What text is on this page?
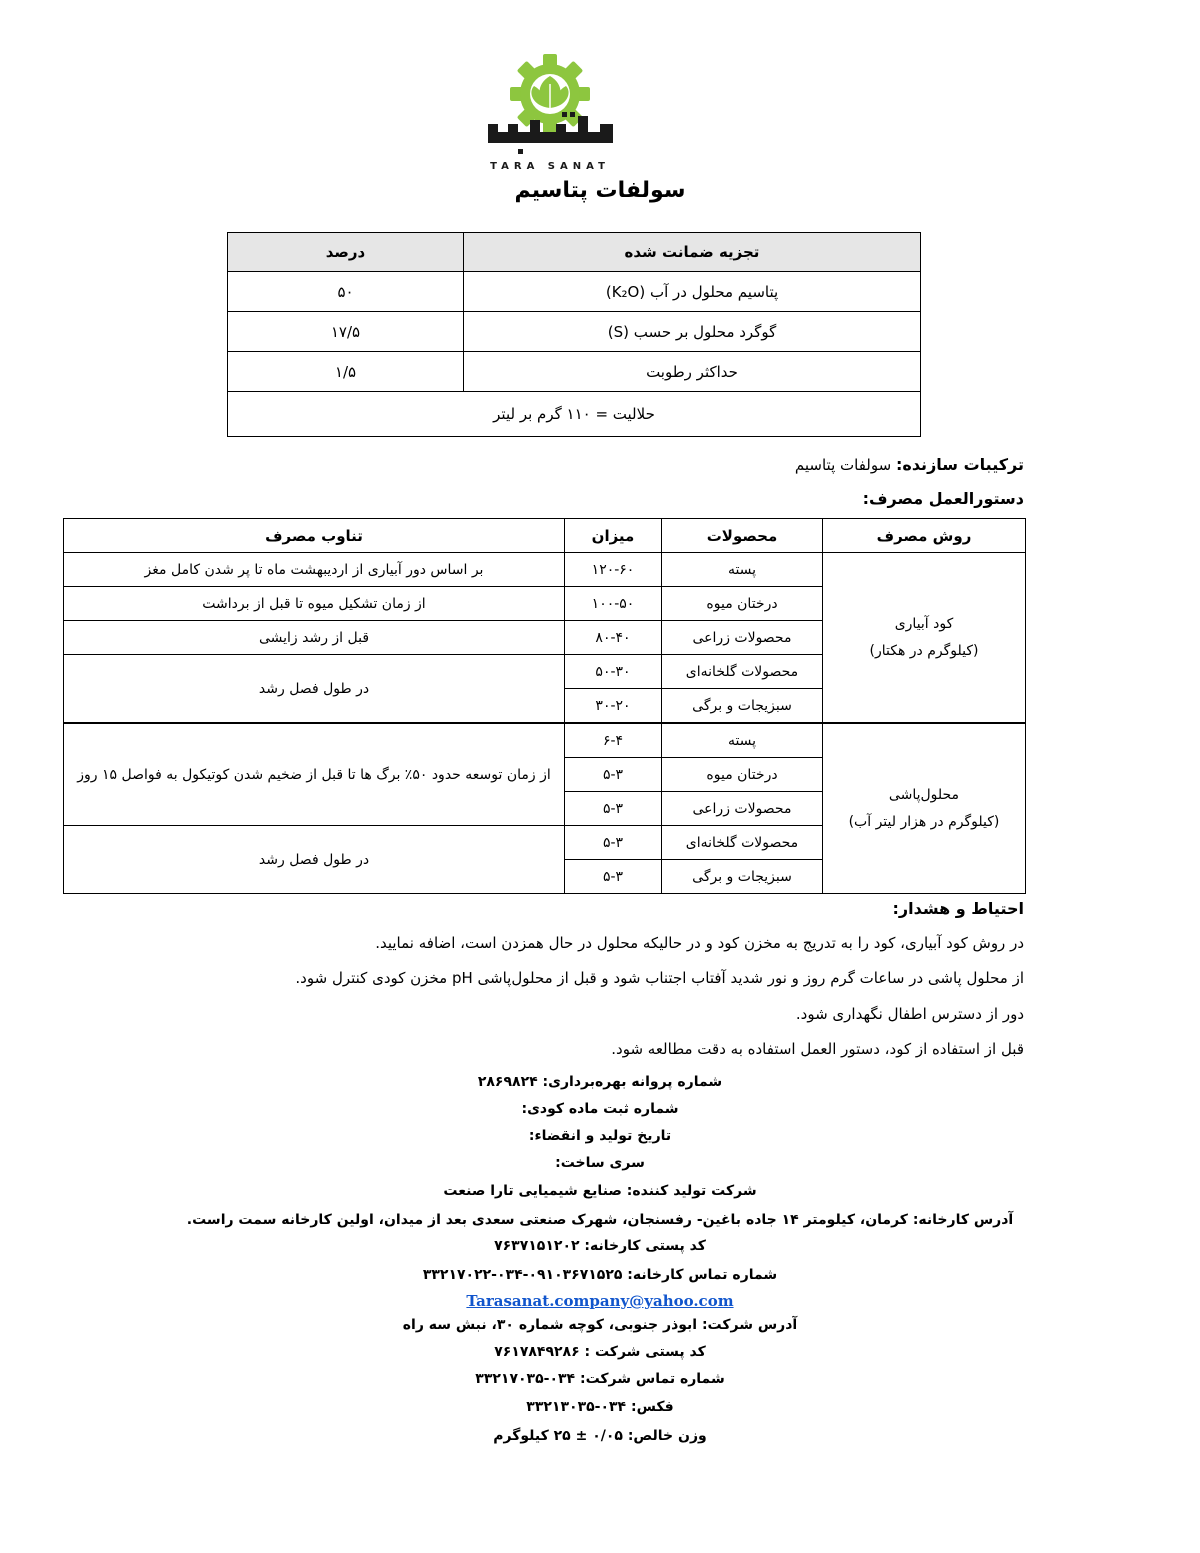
TARA SANAT
سولفات پتاسیم
تجزیه ضمانت شده	درصد
پتاسیم محلول در آب (K₂O)	۵۰
گوگرد محلول بر حسب (S)	۱۷/۵
حداکثر رطوبت	۱/۵
حلالیت = ۱۱۰ گرم بر لیتر	
ترکیبات سازنده: سولفات پتاسیم
دستورالعمل مصرف:
روش مصرف	محصولات	میزان	تناوب مصرف

کود آبیاری
(کیلوگرم در هکتار)	پسته	۱۲۰-۶۰	بر اساس دور آبیاری از اردیبهشت ماه تا پر شدن کامل مغز
	درختان میوه	۱۰۰-۵۰	از زمان تشکیل میوه تا قبل از برداشت
	محصولات زراعی	۸۰-۴۰	قبل از رشد زایشی
	محصولات گلخانه‌ای	۵۰-۳۰	در طول فصل رشد
	سبزیجات و برگی	۳۰-۲۰	

محلول‌پاشی
(کیلوگرم در هزار لیتر آب)	پسته	۶-۴	از زمان توسعه حدود ۵۰٪ برگ ها تا قبل از ضخیم شدن کوتیکول به فواصل ۱۵ روز
	درختان میوه	۵-۳	
	محصولات زراعی	۵-۳	
	محصولات گلخانه‌ای	۵-۳	در طول فصل رشد
	سبزیجات و برگی	۵-۳	
احتیاط و هشدار:
در روش کود آبیاری، کود را به تدریج به مخزن کود و در حالیکه محلول در حال همزدن است، اضافه نمایید.
از محلول پاشی در ساعات گرم روز و نور شدید آفتاب اجتناب شود و قبل از محلول‌پاشی pH مخزن کودی کنترل شود.
دور از دسترس اطفال نگهداری شود.
قبل از استفاده از کود، دستور العمل استفاده به دقت مطالعه شود.
شماره پروانه بهره‌برداری: ۲۸۶۹۸۲۴
شماره ثبت ماده کودی:
تاریخ تولید و انقضاء:
سری ساخت:
شرکت تولید کننده: صنایع شیمیایی تارا صنعت
آدرس کارخانه: کرمان، کیلومتر ۱۴ جاده باغین- رفسنجان، شهرک صنعتی سعدی بعد از میدان، اولین کارخانه سمت راست.
کد پستی کارخانه: ۷۶۳۷۱۵۱۲۰۲
شماره تماس کارخانه: ۰۹۱۰۳۶۷۱۵۲۵-۰۳۴-۳۳۲۱۷۰۲۲
Tarasanat.company@yahoo.com
آدرس شرکت: ابوذر جنوبی، کوچه شماره ۳۰، نبش سه راه
کد پستی شرکت : ۷۶۱۷۸۴۹۲۸۶
شماره تماس شرکت: ۰۳۴-۳۳۲۱۷۰۳۵
فکس: ۰۳۴-۳۳۲۱۳۰۳۵
وزن خالص: ۰/۰۵ ± ۲۵ کیلوگرم
